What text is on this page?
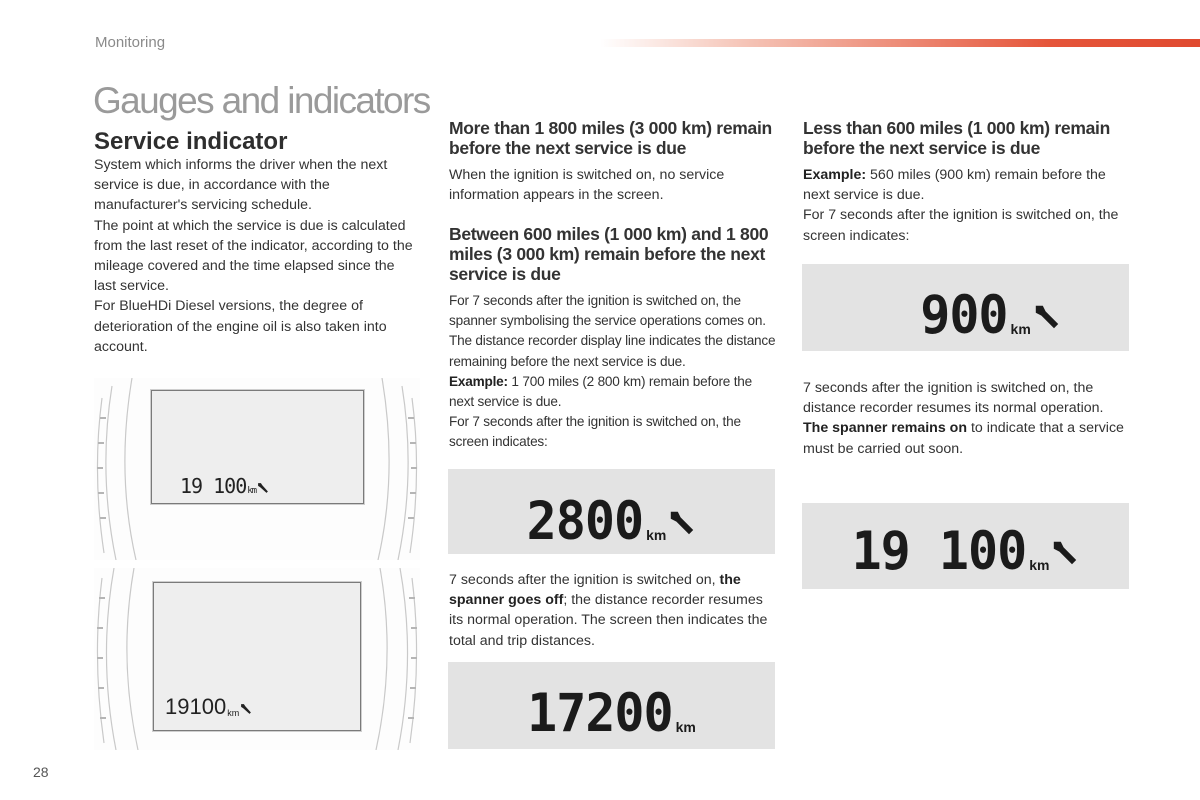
Monitoring
Gauges and indicators
Service indicator

System which informs the driver when the next service is due, in accordance with the manufacturer's servicing schedule.

The point at which the service is due is calculated from the last reset of the indicator, according to the mileage covered and the time elapsed since the last service.

For BlueHDi Diesel versions, the degree of deterioration of the engine oil is also taken into account.

19 100 km
19100 km
More than 1 800 miles (3 000 km) remain before the next service is due
When the ignition is switched on, no service information appears in the screen.
Between 600 miles (1 000 km) and 1 800 miles (3 000 km) remain before the next service is due

For 7 seconds after the ignition is switched on, the spanner symbolising the service operations comes on. The distance recorder display line indicates the distance remaining before the next service is due.

Example: 1 700 miles (2 800 km) remain before the next service is due.

For 7 seconds after the ignition is switched on, the screen indicates:

2800 km
7 seconds after the ignition is switched on, the spanner goes off; the distance recorder resumes its normal operation. The screen then indicates the total and trip distances.
17200 km
Less than 600 miles (1 000 km) remain before the next service is due

Example: 560 miles (900 km) remain before the next service is due.

For 7 seconds after the ignition is switched on, the screen indicates:

900 km
7 seconds after the ignition is switched on, the distance recorder resumes its normal operation. The spanner remains on to indicate that a service must be carried out soon.
19 100 km
28
